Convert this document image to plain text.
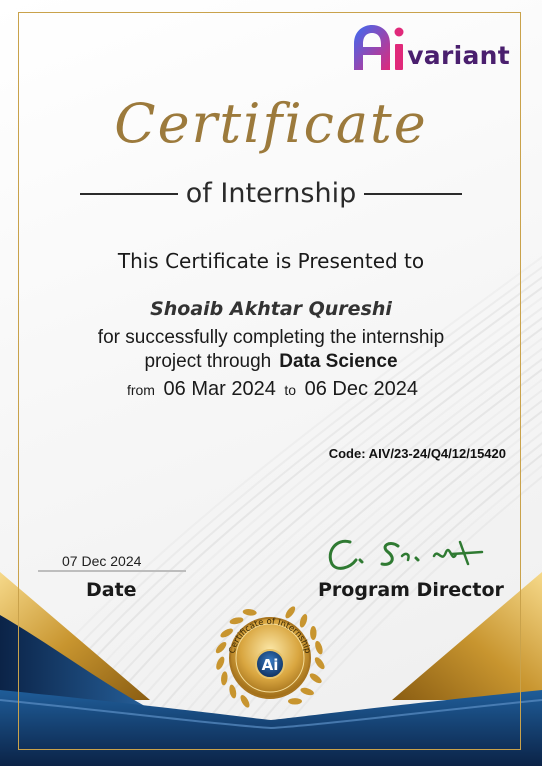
variant
Certificate
of Internship
This Certificate is Presented to
Shoaib Akhtar Qureshi
for successfully completing the internship
project through Data Science
from 06 Mar 2024 to 06 Dec 2024
Code: AIV/23-24/Q4/12/15420
07 Dec 2024
Date	Program Director
Certificate of Internship
Ai
